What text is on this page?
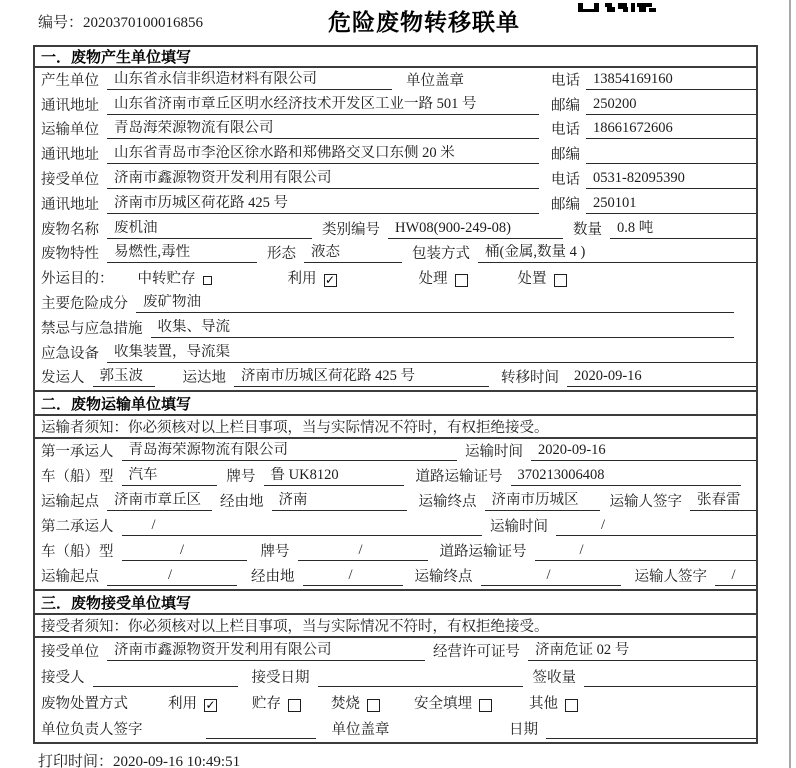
编号：2020370100016856	危险废物转移联单
一．废物产生单位填写
产生单位	山东省永信非织造材料有限公司	单位盖章	电话 13854169160
通讯地址	山东省济南市章丘区明水经济技术开发区工业一路 501 号	邮编 250200
运输单位	青岛海荣源物流有限公司	电话 18661672606
通讯地址	山东省青岛市李沧区徐水路和郑佛路交叉口东侧 20 米	邮编
接受单位	济南市鑫源物资开发利用有限公司	电话 0531-82095390
通讯地址	济南市历城区荷花路 425 号	邮编 250101
废物名称	废机油	类别编号	HW08(900-249-08)	数量	0.8 吨
废物特性	易燃性,毒性	形态	液态	包装方式	桶(金属,数量 4 )
外运目的： 中转贮存	利用 ✓	处理	处置
主要危险成分	废矿物油
禁忌与应急措施	收集、导流
应急设备	收集装置，导流渠
发运人	郭玉波	运达地	济南市历城区荷花路 425 号	转移时间	2020-09-16
二．废物运输单位填写
运输者须知：你必须核对以上栏目事项，当与实际情况不符时，有权拒绝接受。
第一承运人	青岛海荣源物流有限公司	运输时间	2020-09-16
车（船）型	汽车	牌号	鲁 UK8120	道路运输证号	370213006408
运输起点	济南市章丘区	经由地	济南	运输终点	济南市历城区	运输人签字	张春雷
第二承运人	/	运输时间	/
车（船）型	/	牌号	/	道路运输证号	/
运输起点	/	经由地	/	运输终点	/	运输人签字	/
三．废物接受单位填写
接受者须知：你必须核对以上栏目事项，当与实际情况不符时，有权拒绝接受。
接受单位	济南市鑫源物资开发利用有限公司	经营许可证号	济南危证 02 号
接受人	接受日期	签收量
废物处置方式	利用 ✓	贮存	焚烧	安全填埋	其他
单位负责人签字	单位盖章	日期
打印时间：2020-09-16 10:49:51
